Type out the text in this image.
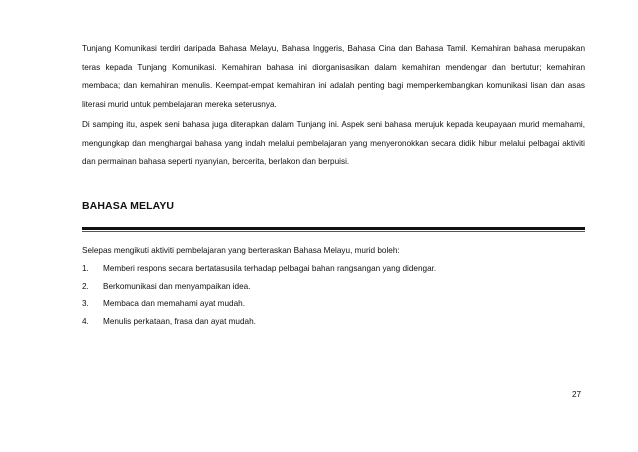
Tunjang Komunikasi terdiri daripada Bahasa Melayu, Bahasa Inggeris, Bahasa Cina dan Bahasa Tamil. Kemahiran bahasa merupakan teras kepada Tunjang Komunikasi. Kemahiran bahasa ini diorganisasikan dalam kemahiran mendengar dan bertutur; kemahiran membaca; dan kemahiran menulis. Keempat-empat kemahiran ini adalah penting bagi memperkembangkan komunikasi lisan dan asas literasi murid untuk pembelajaran mereka seterusnya.

Di samping itu, aspek seni bahasa juga diterapkan dalam Tunjang ini. Aspek seni bahasa merujuk kepada keupayaan murid memahami, mengungkap dan menghargai bahasa yang indah melalui pembelajaran yang menyeronokkan secara didik hibur melalui pelbagai aktiviti dan permainan bahasa seperti nyanyian, bercerita, berlakon dan berpuisi.

BAHASA MELAYU

Selepas mengikuti aktiviti pembelajaran yang berteraskan Bahasa Melayu, murid boleh:

1. Memberi respons secara bertatasusila terhadap pelbagai bahan rangsangan yang didengar.
2. Berkomunikasi dan menyampaikan idea.
3. Membaca dan memahami ayat mudah.
4. Menulis perkataan, frasa dan ayat mudah.
27
